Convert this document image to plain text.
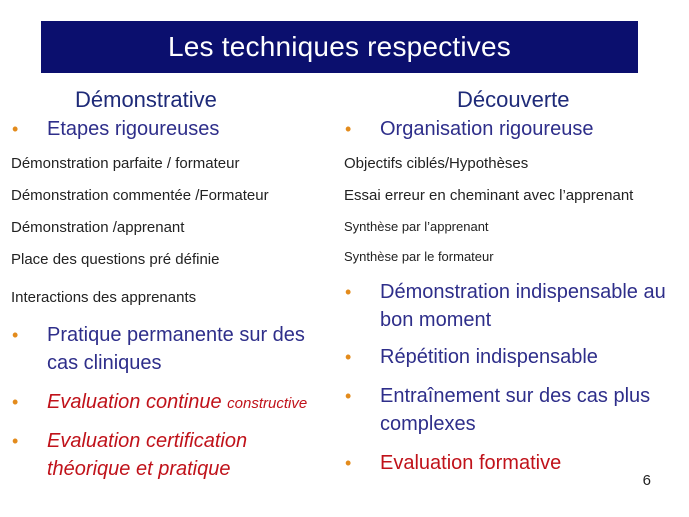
Les techniques respectives
Démonstrative
• Etapes rigoureuses
Démonstration parfaite / formateur
Démonstration commentée /Formateur
Démonstration /apprenant
Place des questions pré définie
Interactions des apprenants
• Pratique permanente sur des cas cliniques
• Evaluation continue constructive
• Evaluation certification théorique et pratique
Découverte
• Organisation rigoureuse
Objectifs ciblés/Hypothèses
Essai erreur en cheminant avec l’apprenant
Synthèse par l’apprenant
Synthèse par le formateur
• Démonstration indispensable au bon moment
• Répétition indispensable
• Entraînement sur des cas plus complexes
• Evaluation formative
6
